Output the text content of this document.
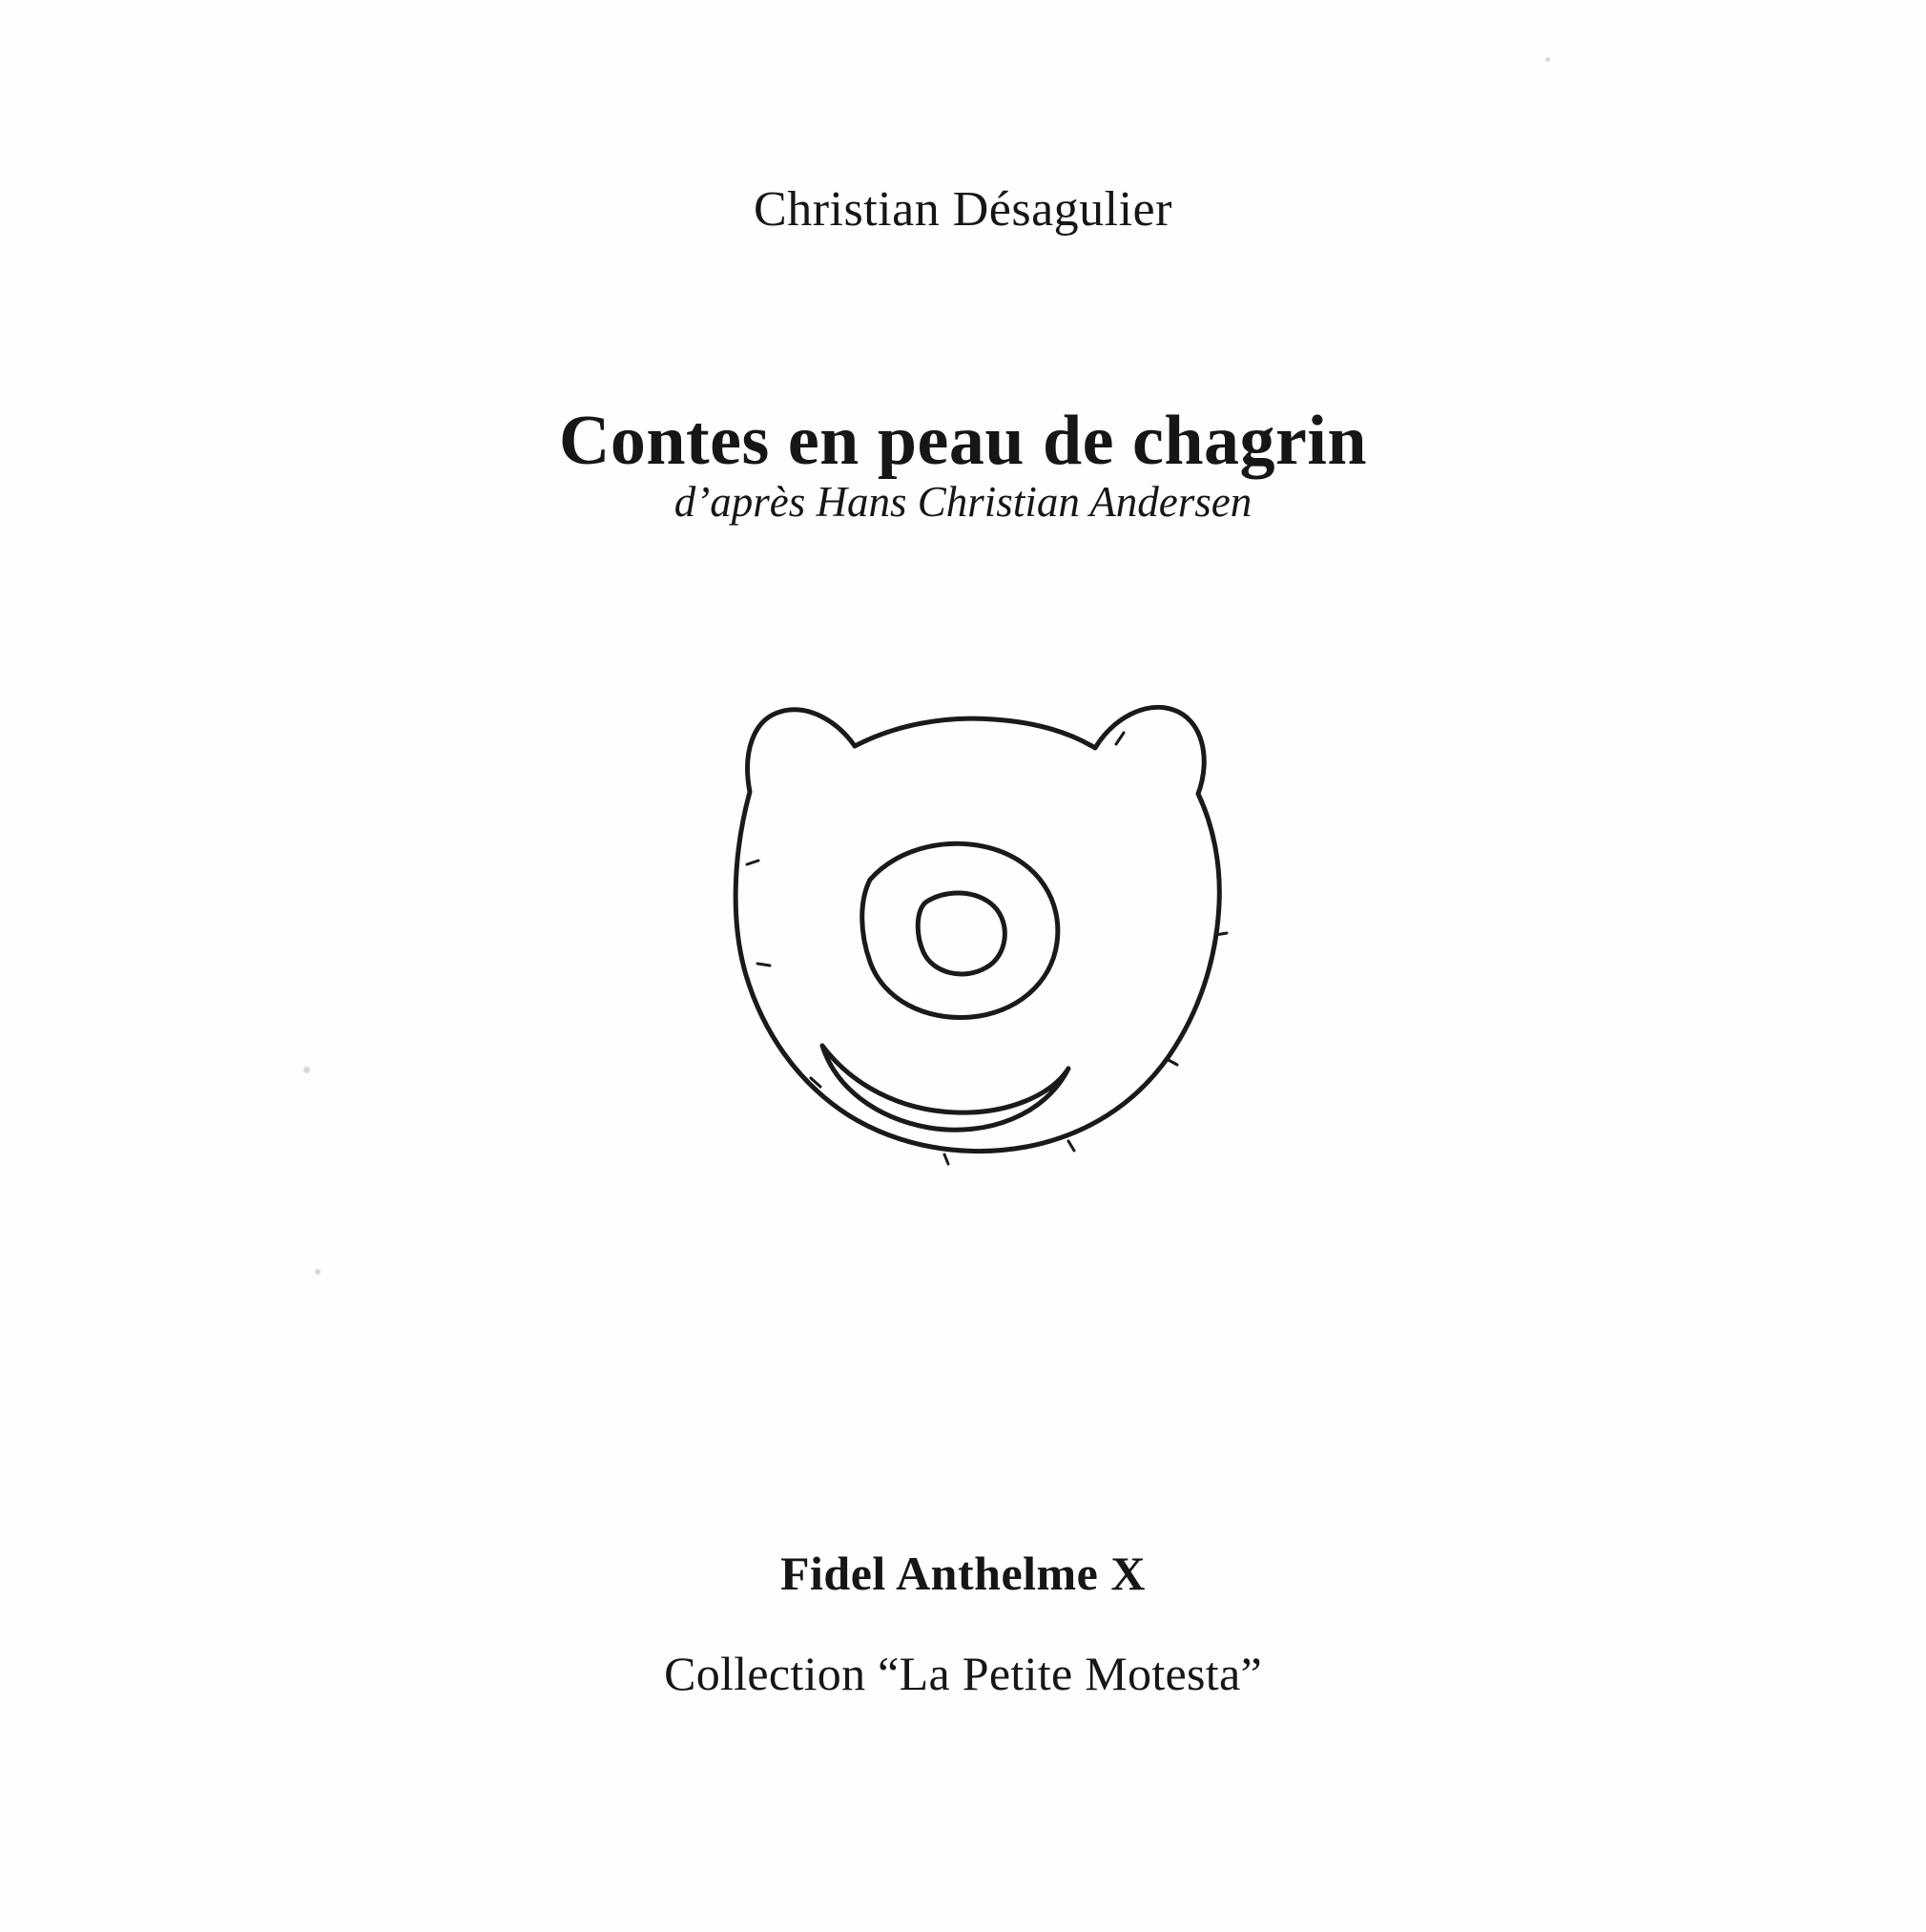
Christian Désagulier
Contes en peau de chagrin
d’après Hans Christian Andersen
Fidel Anthelme X
Collection “La Petite Motesta”
